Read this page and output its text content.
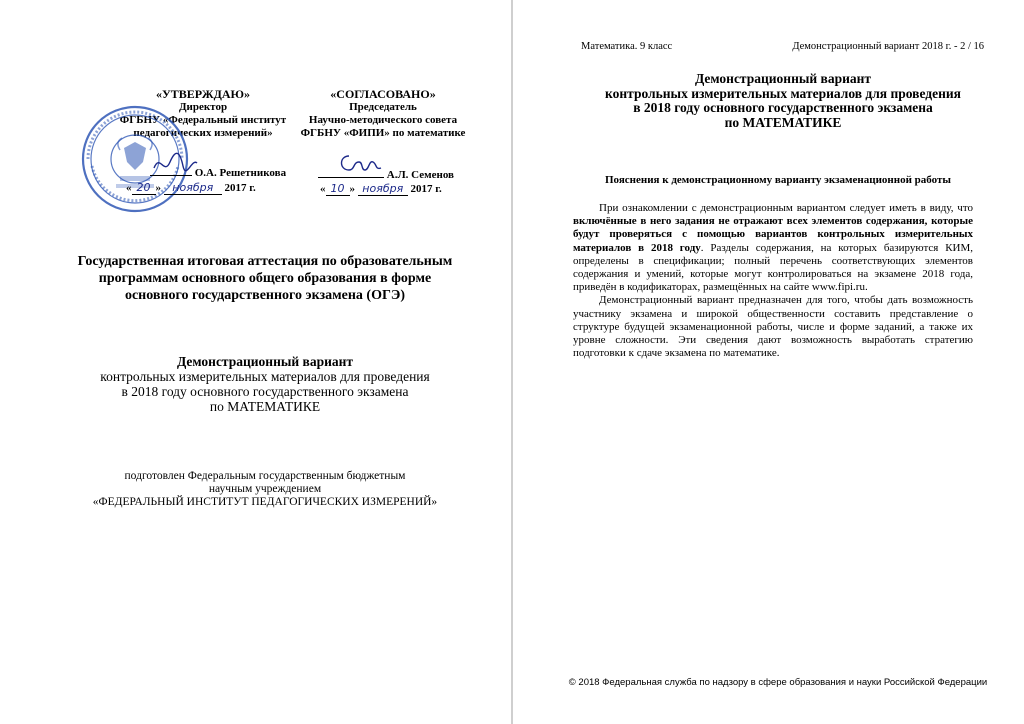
«УТВЕРЖДАЮ»
Директор
ФГБНУ «Федеральный институт
педагогических измерений»
О.А. Решетникова
« 20 » ноября 2017 г.
«СОГЛАСОВАНО»
Председатель
Научно-методического совета
ФГБНУ «ФИПИ» по математике
А.Л. Семенов
« 10 » ноября 2017 г.
Государственная итоговая аттестация по образовательным
программам основного общего образования в форме
основного государственного экзамена (ОГЭ)
Демонстрационный вариант
контрольных измерительных материалов для проведения
в 2018 году основного государственного экзамена
по МАТЕМАТИКЕ
подготовлен Федеральным государственным бюджетным
научным учреждением
«ФЕДЕРАЛЬНЫЙ ИНСТИТУТ ПЕДАГОГИЧЕСКИХ ИЗМЕРЕНИЙ»
Математика. 9 класс	Демонстрационный вариант 2018 г. - 2 / 16
Демонстрационный вариант
контрольных измерительных материалов для проведения
в 2018 году основного государственного экзамена
по МАТЕМАТИКЕ
Пояснения к демонстрационному варианту экзаменационной работы

При ознакомлении с демонстрационным вариантом следует иметь в виду, что включённые в него задания не отражают всех элементов содержания, которые будут проверяться с помощью вариантов контрольных измерительных материалов в 2018 году. Разделы содержания, на которых базируются КИМ, определены в спецификации; полный перечень соответствующих элементов содержания и умений, которые могут контролироваться на экзамене 2018 года, приведён в кодификаторах, размещённых на сайте www.fipi.ru.

Демонстрационный вариант предназначен для того, чтобы дать возможность участнику экзамена и широкой общественности составить представление о структуре будущей экзаменационной работы, числе и форме заданий, а также их уровне сложности. Эти сведения дают возможность выработать стратегию подготовки к сдаче экзамена по математике.

© 2018 Федеральная служба по надзору в сфере образования и науки Российской Федерации
